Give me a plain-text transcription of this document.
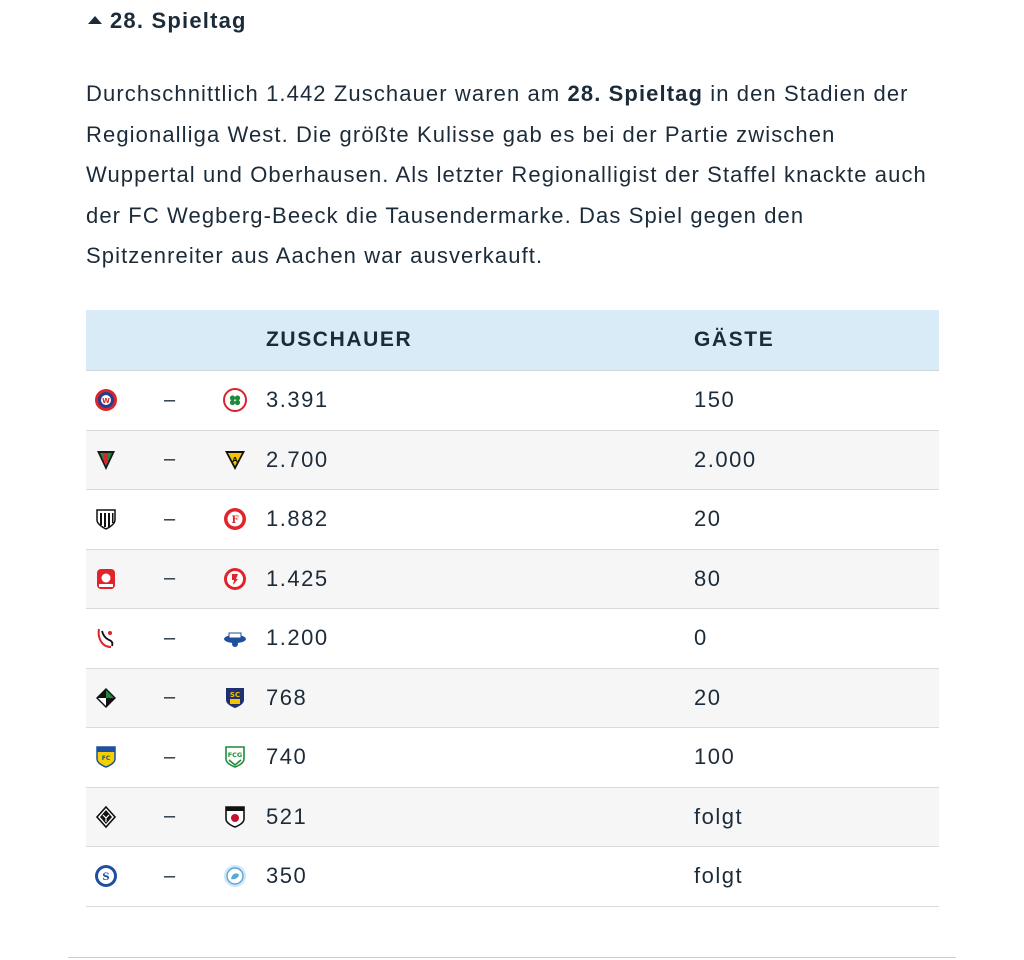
28. Spieltag

Durchschnittlich 1.442 Zuschauer waren am 28. Spieltag in den Stadien der Regionalliga West. Die größte Kulisse gab es bei der Partie zwischen Wuppertal und Oberhausen. Als letzter Regionalligist der Staffel knackte auch der FC Wegberg-Beeck die Tausendermarke. Das Spiel gegen den Spitzenreiter aus Aachen war ausverkauft.

ZUSCHAUER	GÄSTE
W	–	3.391	150
–	A 2.700	2.000
–	F 1.882	20
–	1.425	80
–	1.200	0
–	SC 768	20
FC	–	FCG 740	100
–	521	folgt
S	–	350	folgt
